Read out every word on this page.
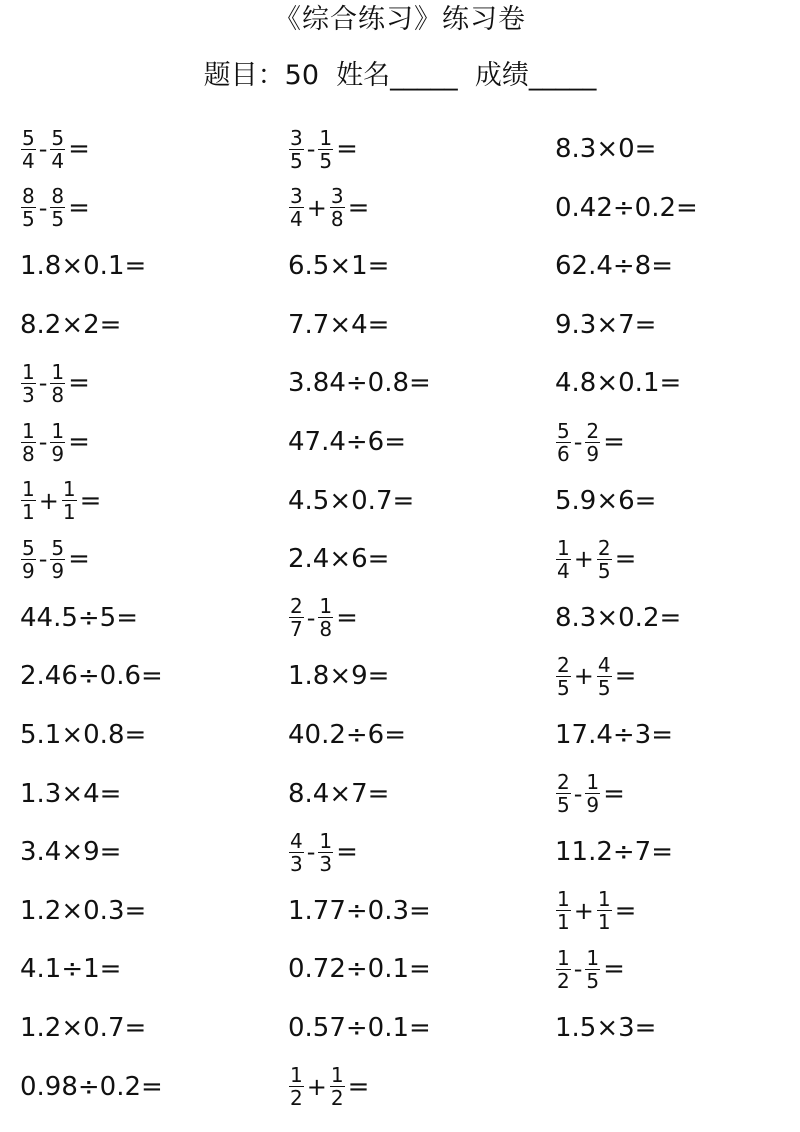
《综合练习》练习卷
题目：50  姓名_____  成绩_____
$\frac{5}{4} - \frac{5}{4}$ =	$\frac{3}{5} - \frac{1}{5}$ =	8.3×0=
$\frac{8}{5} - \frac{8}{5}$ =	$\frac{3}{4} + \frac{3}{8}$ =	0.42÷0.2=
1.8×0.1=	6.5×1=	62.4÷8=
8.2×2=	7.7×4=	9.3×7=
$\frac{1}{3} - \frac{1}{8}$ =	3.84÷0.8=	4.8×0.1=
$\frac{1}{8} - \frac{1}{9}$ =	47.4÷6=	$\frac{5}{6} - \frac{2}{9}$ =
$\frac{1}{1} + \frac{1}{1}$ =	4.5×0.7=	5.9×6=
$\frac{5}{9} - \frac{5}{9}$ =	2.4×6=	$\frac{1}{4} + \frac{2}{5}$ =
44.5÷5=	$\frac{2}{7} - \frac{1}{8}$ =	8.3×0.2=
2.46÷0.6=	1.8×9=	$\frac{2}{5} + \frac{4}{5}$ =
5.1×0.8=	40.2÷6=	17.4÷3=
1.3×4=	8.4×7=	$\frac{2}{5} - \frac{1}{9}$ =
3.4×9=	$\frac{4}{3} - \frac{1}{3}$ =	11.2÷7=
1.2×0.3=	1.77÷0.3=	$\frac{1}{1} + \frac{1}{1}$ =
4.1÷1=	0.72÷0.1=	$\frac{1}{2} - \frac{1}{5}$ =
1.2×0.7=	0.57÷0.1=	1.5×3=
0.98÷0.2=	$\frac{1}{2} + \frac{1}{2}$ =
